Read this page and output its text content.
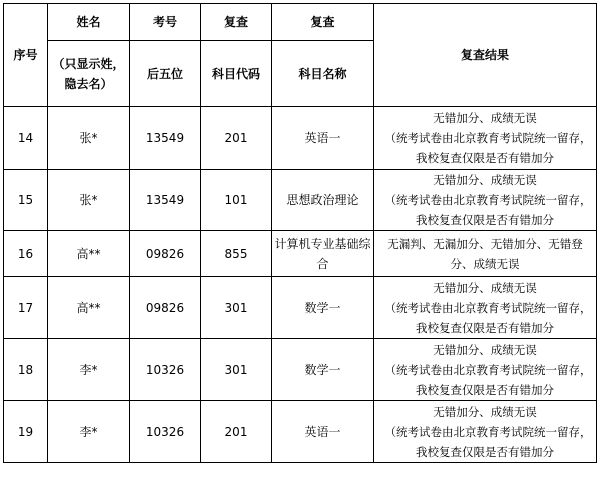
序号	姓名	考号	复查	复查	复查结果
	（只显示姓，隐去名）	后五位	科目代码	科目名称	
14	张*	13549	201	英语一	无错加分、成绩无误
（统考试卷由北京教育考试院统一留存，我校复查仅限是否有错加分

15	张*	13549	101	思想政治理论	无错加分、成绩无误
（统考试卷由北京教育考试院统一留存，我校复查仅限是否有错加分

16	高**	09826	855	计算机专业基础综合	无漏判、无漏加分、无错加分、无错登分、成绩无误

17	高**	09826	301	数学一	无错加分、成绩无误
（统考试卷由北京教育考试院统一留存，我校复查仅限是否有错加分

18	李*	10326	301	数学一	无错加分、成绩无误
（统考试卷由北京教育考试院统一留存，我校复查仅限是否有错加分

19	李*	10326	201	英语一	无错加分、成绩无误
（统考试卷由北京教育考试院统一留存，我校复查仅限是否有错加分
